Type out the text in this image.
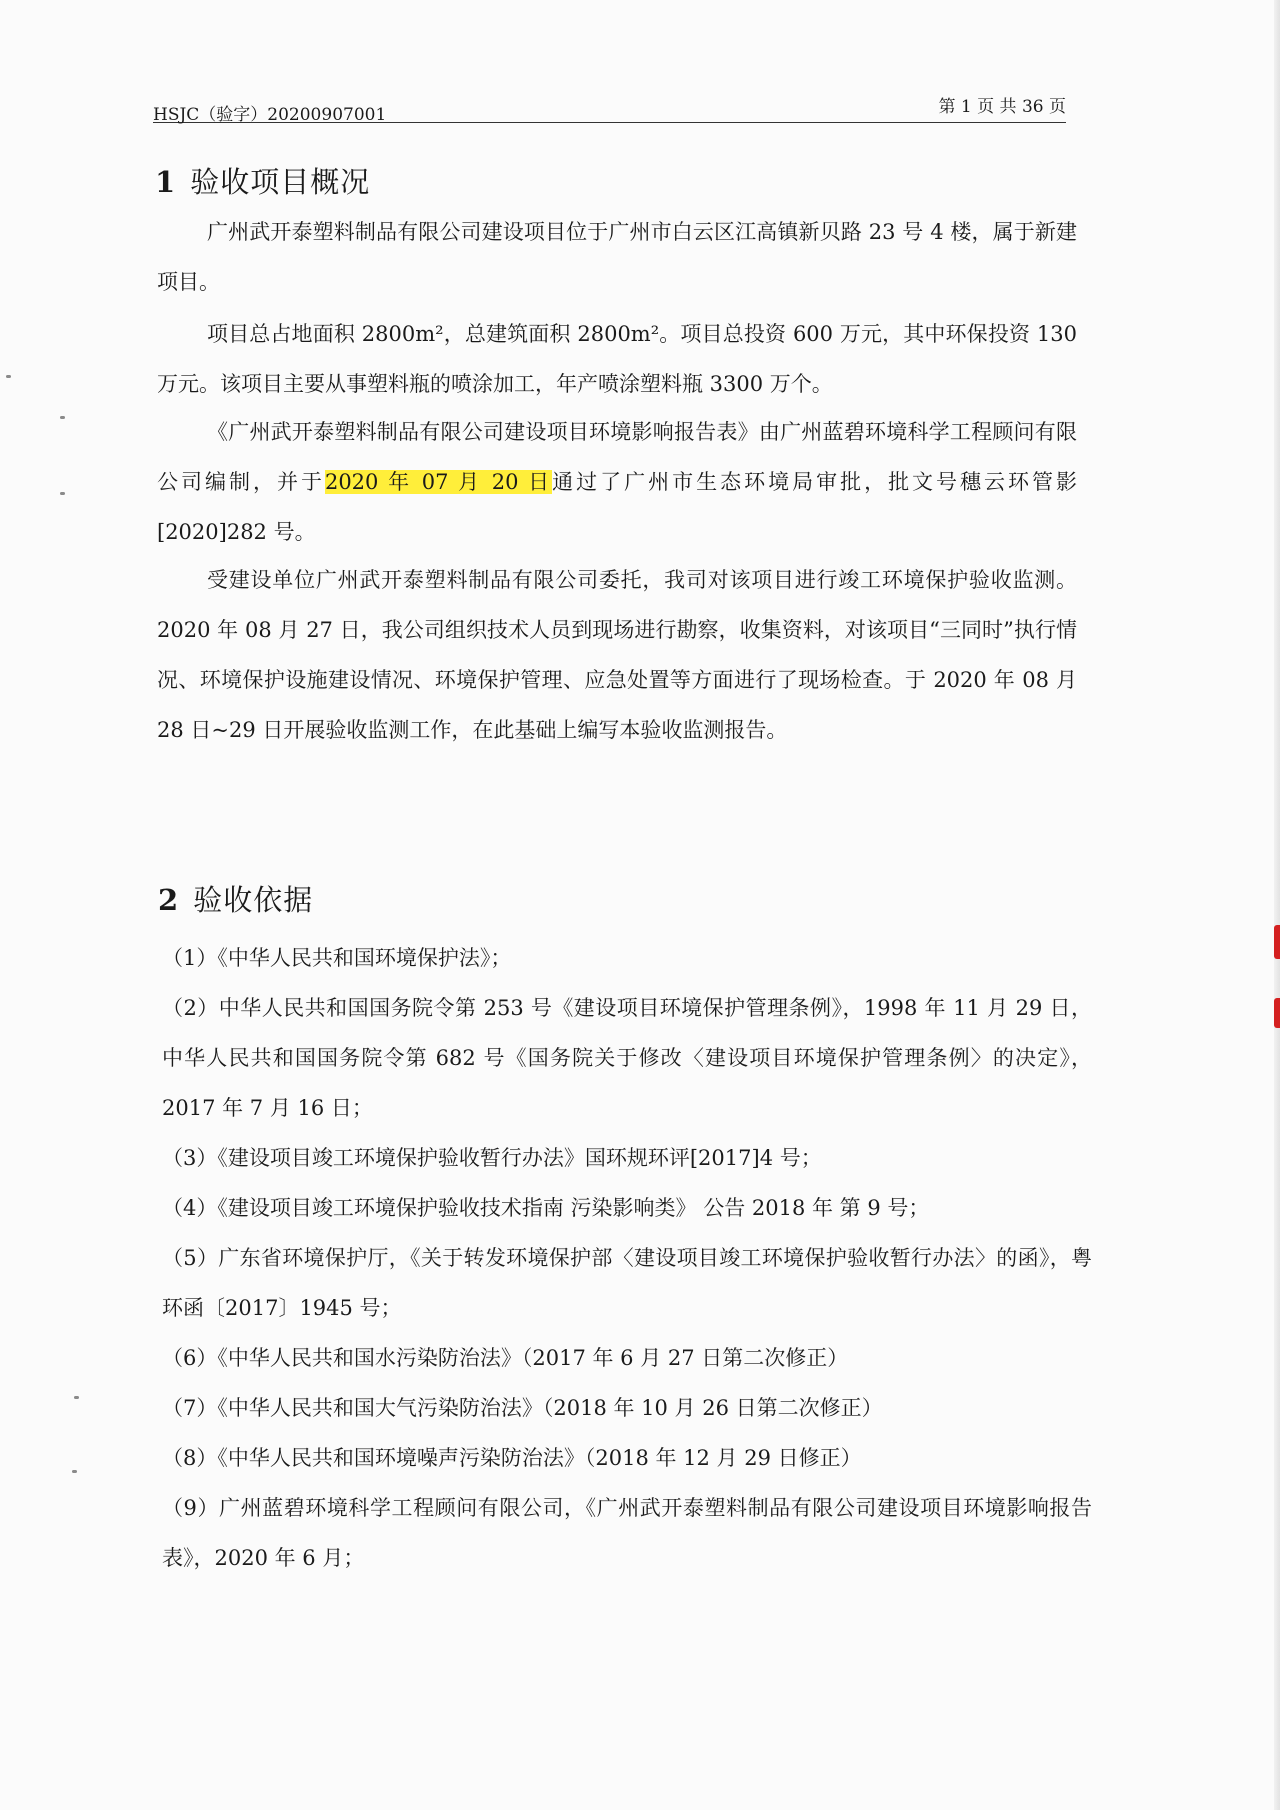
HSJC（验字）20200907001	第 1 页 共 36 页
1 验收项目概况

广州武开泰塑料制品有限公司建设项目位于广州市白云区江高镇新贝路 23 号 4 楼，属于新建项目。

项目总占地面积 2800m²，总建筑面积 2800m²。项目总投资 600 万元，其中环保投资 130 万元。该项目主要从事塑料瓶的喷涂加工，年产喷涂塑料瓶 3300 万个。

《广州武开泰塑料制品有限公司建设项目环境影响报告表》由广州蓝碧环境科学工程顾问有限公司编制，并于2020 年 07 月 20 日通过了广州市生态环境局审批，批文号穗云环管影[2020]282 号。

受建设单位广州武开泰塑料制品有限公司委托，我司对该项目进行竣工环境保护验收监测。2020 年 08 月 27 日，我公司组织技术人员到现场进行勘察，收集资料，对该项目“三同时”执行情况、环境保护设施建设情况、环境保护管理、应急处置等方面进行了现场检查。于 2020 年 08 月 28 日~29 日开展验收监测工作，在此基础上编写本验收监测报告。

2 验收依据
（1）《中华人民共和国环境保护法》；
（2）中华人民共和国国务院令第 253 号《建设项目环境保护管理条例》，1998 年 11 月 29 日，中华人民共和国国务院令第 682 号《国务院关于修改〈建设项目环境保护管理条例〉的决定》，2017 年 7 月 16 日；
（3）《建设项目竣工环境保护验收暂行办法》国环规环评[2017]4 号；
（4）《建设项目竣工环境保护验收技术指南 污染影响类》 公告 2018 年 第 9 号；
（5）广东省环境保护厅，《关于转发环境保护部〈建设项目竣工环境保护验收暂行办法〉的函》，粤环函〔2017〕1945 号；
（6）《中华人民共和国水污染防治法》（2017 年 6 月 27 日第二次修正）
（7）《中华人民共和国大气污染防治法》（2018 年 10 月 26 日第二次修正）
（8）《中华人民共和国环境噪声污染防治法》（2018 年 12 月 29 日修正）
（9）广州蓝碧环境科学工程顾问有限公司，《广州武开泰塑料制品有限公司建设项目环境影响报告表》，2020 年 6 月；
